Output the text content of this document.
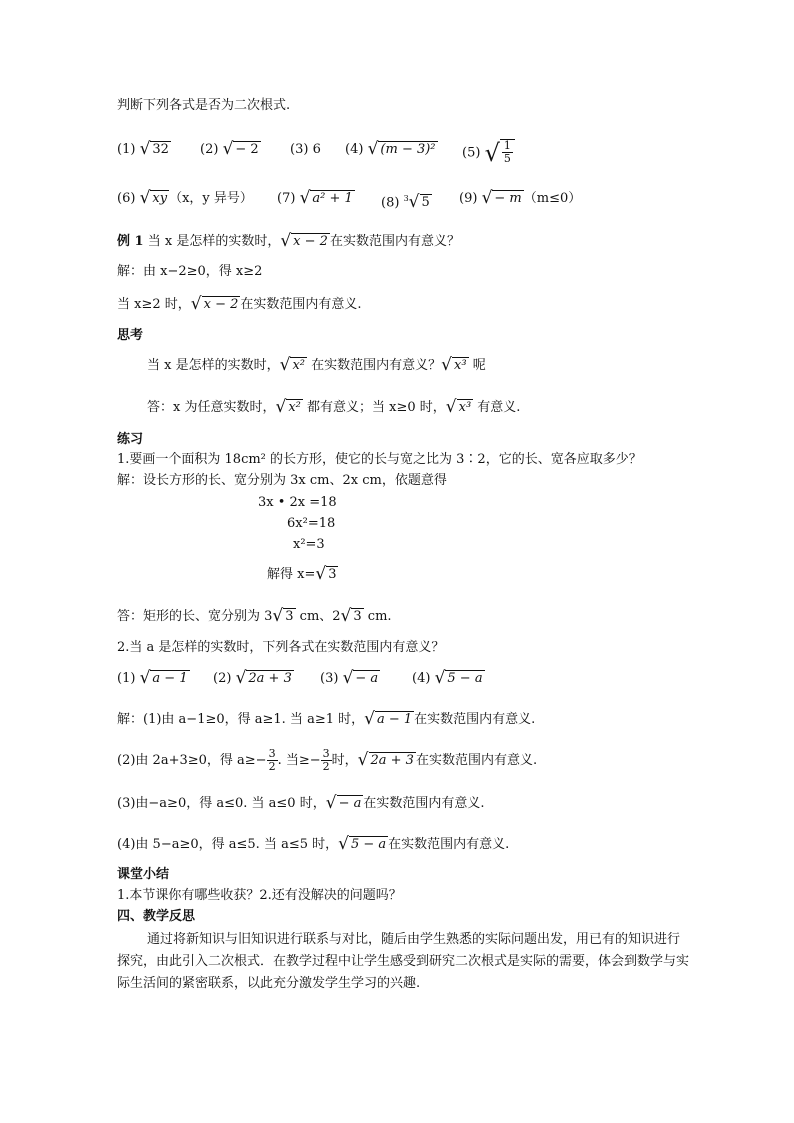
判断下列各式是否为二次根式.
(1) √ 32 (2) √ − 2 (3) 6 (4) √ (m − 3)² (5) √ $\frac{1}{5}$
(6) √ xy （x，y 异号） (7) √ a² + 1 (8) $^3$ √ 5 (9) √ − m （m≤0）
例 1 当 x 是怎样的实数时， √ x − 2 在实数范围内有意义？
解：由 x−2≥0，得 x≥2
当 x≥2 时， √ x − 2 在实数范围内有意义.
思考
当 x 是怎样的实数时， √ x² 在实数范围内有意义？ √ x³ 呢
答：x 为任意实数时， √ x² 都有意义；当 x≥0 时， √ x³ 有意义.
练习
1.要画一个面积为 18cm² 的长方形，使它的长与宽之比为 3∶2，它的长、宽各应取多少？
解：设长方形的长、宽分别为 3x cm、2x cm，依题意得
3x • 2x =18
6x²=18
x²=3
解得 x= √ 3
答：矩形的长、宽分别为 3 √ 3 cm、2 √ 3 cm.
2.当 a 是怎样的实数时，下列各式在实数范围内有意义？
(1) √ a − 1 (2) √ 2a + 3 (3) √ − a	(4) √ 5 − a
解：(1)由 a−1≥0，得 a≥1. 当 a≥1 时， √ a − 1 在实数范围内有意义.
(2)由 2a+3≥0，得 $a\ge- \frac{3}{2}$ . 当≥− $\frac{3}{2}$ 时， √ 2a + 3 在实数范围内有意义.
(3)由−a≥0，得 a≤0. 当 a≤0 时， √ − a 在实数范围内有意义.
(4)由 5−a≥0，得 a≤5. 当 a≤5 时， √ 5 − a 在实数范围内有意义.
课堂小结
1.本节课你有哪些收获？2.还有没解决的问题吗？
四、教学反思
通过将新知识与旧知识进行联系与对比，随后由学生熟悉的实际问题出发，用已有的知识进行探究，由此引入二次根式．在教学过程中让学生感受到研究二次根式是实际的需要，体会到数学与实际生活间的紧密联系，以此充分激发学生学习的兴趣.
